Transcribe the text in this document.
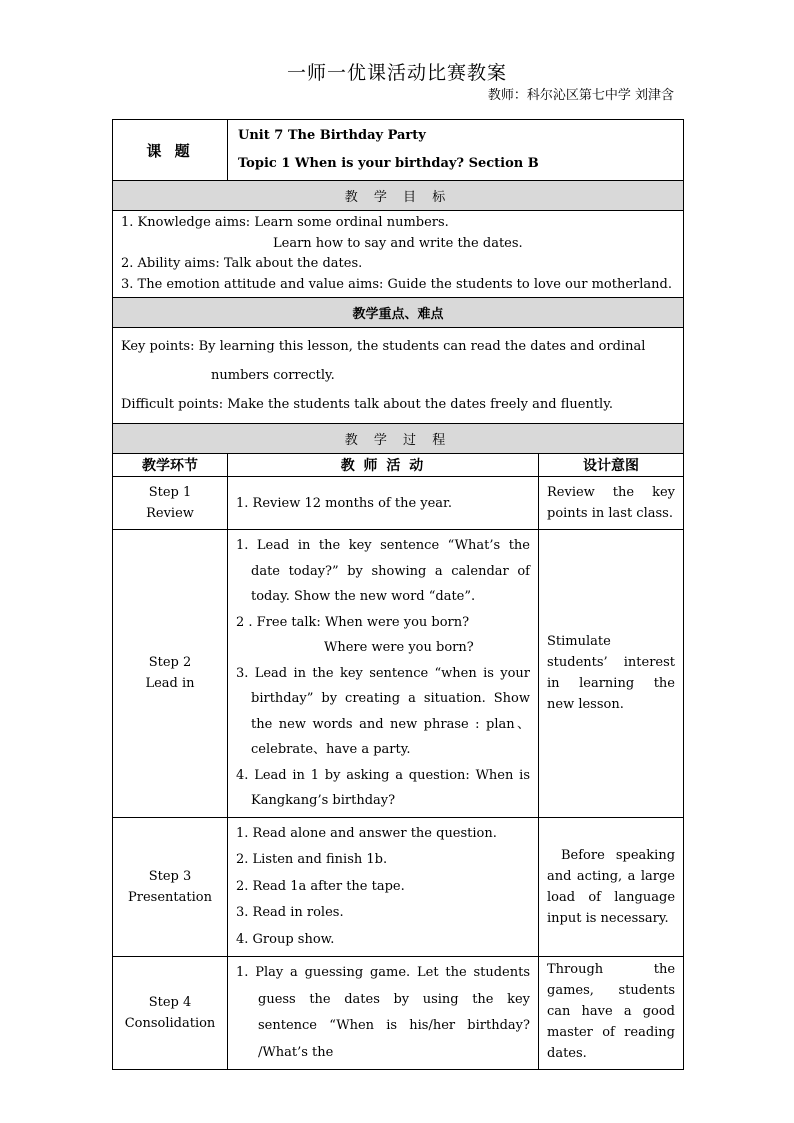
一师一优课活动比赛教案
教师：科尔沁区第七中学 刘津含
课 题	Unit 7 The Birthday Party
Topic 1 When is your birthday? Section B	

教 学 目 标		

1. Knowledge aims: Learn some ordinal numbers.
Learn how to say and write the dates.
2. Ability aims: Talk about the dates.
3. The emotion attitude and value aims: Guide the students to love our motherland.		

教学重点、难点		

Key points: By learning this lesson, the students can read the dates and ordinal
numbers correctly.
Difficult points: Make the students talk about the dates freely and fluently.		

教 学 过 程		
教学环节	教 师 活 动	设计意图

Step 1
Review	1. Review 12 months of the year.	Review the key points in last class.

Step 2
Lead in	1. Lead in the key sentence “What’s the date today?” by showing a calendar of today. Show the new word “date”.
2 . Free talk: When were you born?
Where were you born?
3. Lead in the key sentence “when is your birthday” by creating a situation. Show the new words and new phrase : plan、celebrate、have a party.
4. Lead in 1 by asking a question: When is Kangkang’s birthday?	Stimulate students’ interest in learning the new lesson.

Step 3
Presentation	1. Read alone and answer the question.
2. Listen and finish 1b.
2. Read 1a after the tape.
3. Read in roles.
4. Group show.	Before speaking and acting, a large load of language input is necessary.

Step 4
Consolidation	1. Play a guessing game. Let the students guess the dates by using the key sentence “When is his/her birthday? /What’s the	Through the games, students can have a good master of reading dates.
